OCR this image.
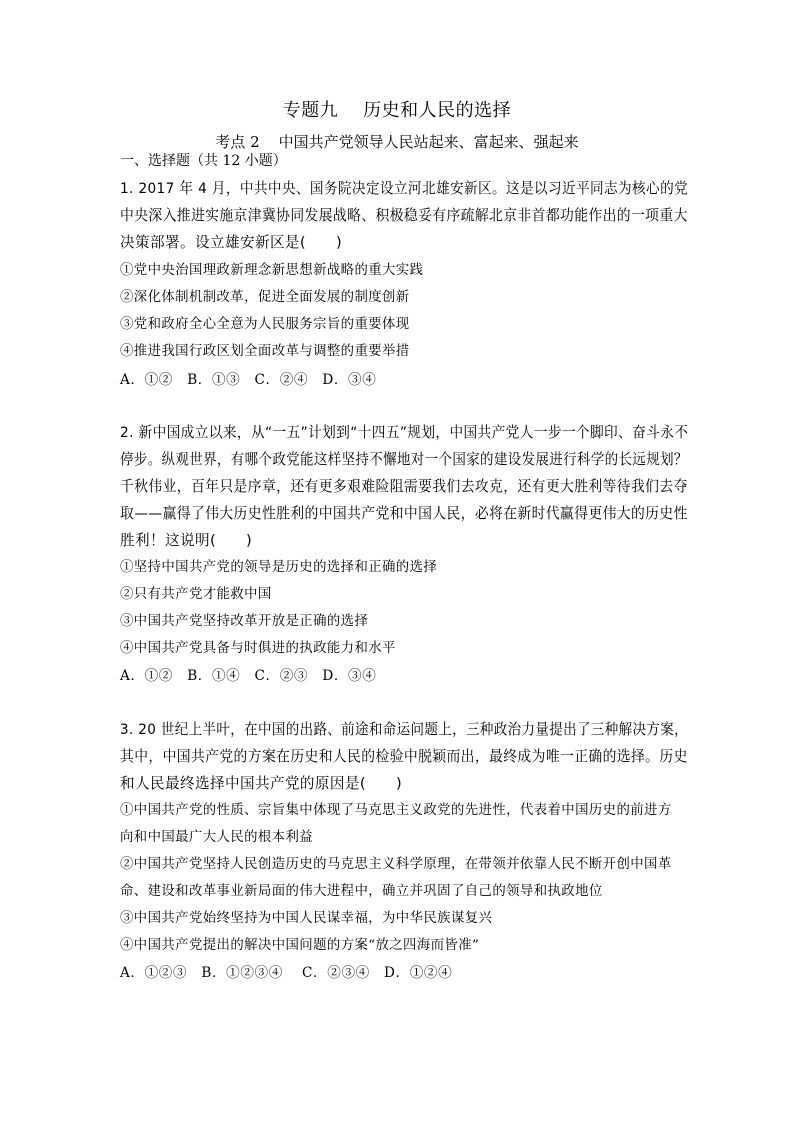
专题九    历史和人民的选择
考点 2    中国共产党领导人民站起来、富起来、强起来
一、选择题（共 12 小题）
1. 2017 年 4 月，中共中央、国务院决定设立河北雄安新区。这是以习近平同志为核心的党
中央深入推进实施京津冀协同发展战略、积极稳妥有序疏解北京非首都功能作出的一项重大
决策部署。设立雄安新区是(　　)
①党中央治国理政新理念新思想新战略的重大实践
②深化体制机制改革，促进全面发展的制度创新
③党和政府全心全意为人民服务宗旨的重要体现
④推进我国行政区划全面改革与调整的重要举措
A．①②　B．①③　C．②④　D．③④
2. 新中国成立以来，从“一五”计划到“十四五”规划，中国共产党人一步一个脚印、奋斗永不
停步。纵观世界，有哪个政党能这样坚持不懈地对一个国家的建设发展进行科学的长远规划？
千秋伟业，百年只是序章，还有更多艰难险阻需要我们去攻克，还有更大胜利等待我们去夺
取——赢得了伟大历史性胜利的中国共产党和中国人民，必将在新时代赢得更伟大的历史性
胜利！这说明(　　)
①坚持中国共产党的领导是历史的选择和正确的选择
②只有共产党才能救中国
③中国共产党坚持改革开放是正确的选择
④中国共产党具备与时俱进的执政能力和水平
A．①②　B．①④　C．②③　D．③④
3. 20 世纪上半叶，在中国的出路、前途和命运问题上，三种政治力量提出了三种解决方案，
其中，中国共产党的方案在历史和人民的检验中脱颖而出，最终成为唯一正确的选择。历史
和人民最终选择中国共产党的原因是(　　)
①中国共产党的性质、宗旨集中体现了马克思主义政党的先进性，代表着中国历史的前进方
向和中国最广大人民的根本利益
②中国共产党坚持人民创造历史的马克思主义科学原理，在带领并依靠人民不断开创中国革
命、建设和改革事业新局面的伟大进程中，确立并巩固了自己的领导和执政地位
③中国共产党始终坚持为中国人民谋幸福，为中华民族谋复兴
④中国共产党提出的解决中国问题的方案“放之四海而皆准”
A．①②③　B．①②③④　 C．②③④　D．①②④
